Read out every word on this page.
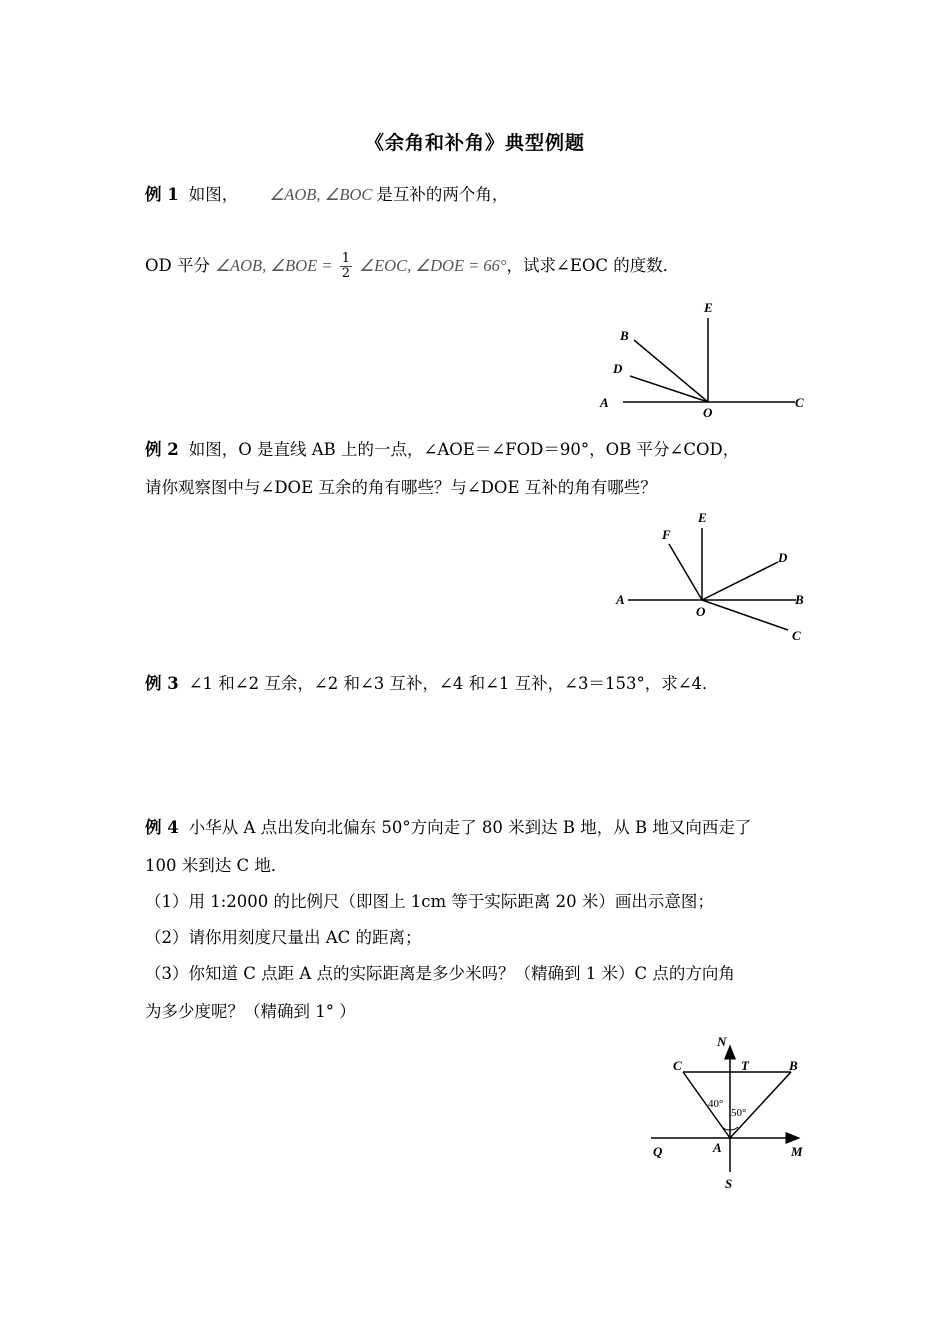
《余角和补角》典型例题
例 1 如图， ∠AOB, ∠BOC 是互补的两个角，
OD 平分 ∠AOB, ∠BOE = $\frac{1}{2}$ ∠EOC, ∠DOE = 66°，试求∠EOC 的度数．
E
B
D
A
O
C
例 2 如图，O 是直线 AB 上的一点，∠AOE＝∠FOD＝90°，OB 平分∠COD，
请你观察图中与∠DOE 互余的角有哪些？与∠DOE 互补的角有哪些？
F
E
D
A
O
B
C
例 3 ∠1 和∠2 互余，∠2 和∠3 互补，∠4 和∠1 互补，∠3＝153°，求∠4．
例 4 小华从 A 点出发向北偏东 50°方向走了 80 米到达 B 地，从 B 地又向西走了
100 米到达 C 地．
（1）用 1:2000 的比例尺（即图上 1cm 等于实际距离 20 米）画出示意图；
（2）请你用刻度尺量出 AC 的距离；
（3）你知道 C 点距 A 点的实际距离是多少米吗？（精确到 1 米）C 点的方向角
为多少度呢？（精确到 1° ）
N
C	T	B
40°
50°
Q	A	M
S
